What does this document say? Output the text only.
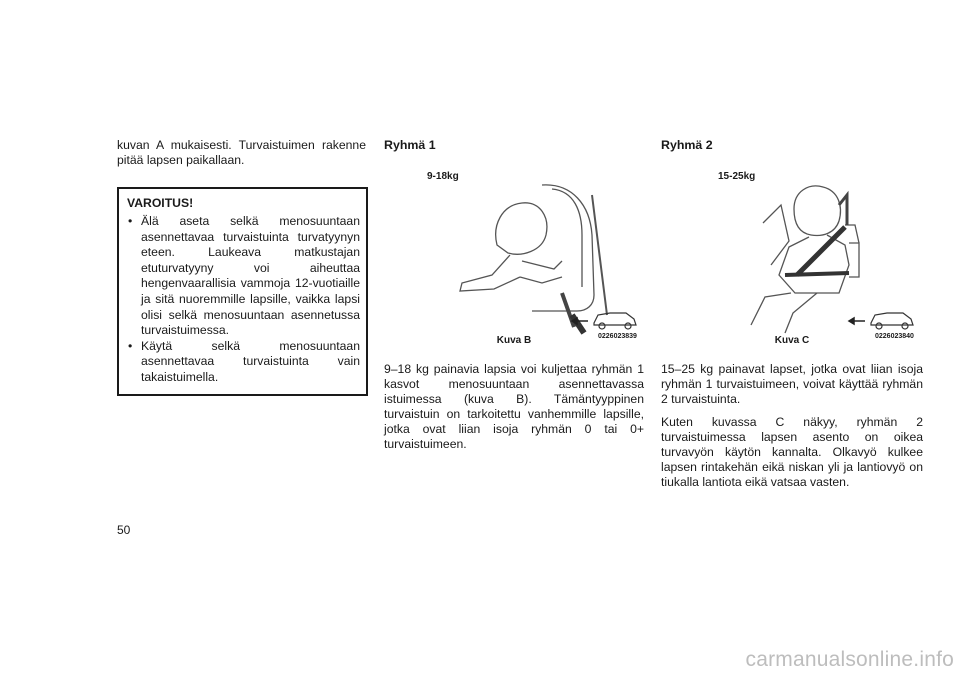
kuvan A mukaisesti. Turvaistuimen rakenne pitää lapsen paikallaan.

VAROITUS!
• Älä aseta selkä menosuuntaan asennettavaa turvaistuinta turvatyynyn eteen. Laukeava matkustajan etuturvatyyny voi aiheuttaa hengenvaarallisia vammoja 12-vuotiaille ja sitä nuoremmille lapsille, vaikka lapsi olisi selkä menosuuntaan asennetussa turvaistuimessa.
• Käytä selkä menosuuntaan asennettavaa turvaistuinta vain takaistuimella.
Ryhmä 1
9-18kg
0226023839
Kuva B

9–18 kg painavia lapsia voi kuljettaa ryhmän 1 kasvot menosuuntaan asennettavassa istuimessa (kuva B). Tämäntyyppinen turvaistuin on tarkoitettu vanhemmille lapsille, jotka ovat liian isoja ryhmän 0 tai 0+ turvaistuimeen.

Ryhmä 2
15-25kg
0226023840
Kuva C

15–25 kg painavat lapset, jotka ovat liian isoja ryhmän 1 turvaistuimeen, voivat käyttää ryhmän 2 turvaistuinta.

Kuten kuvassa C näkyy, ryhmän 2 turvaistuimessa lapsen asento on oikea turvavyön käytön kannalta. Olkavyö kulkee lapsen rintakehän eikä niskan yli ja lantiovyö on tiukalla lantiota eikä vatsaa vasten.

50
carmanualsonline.info
